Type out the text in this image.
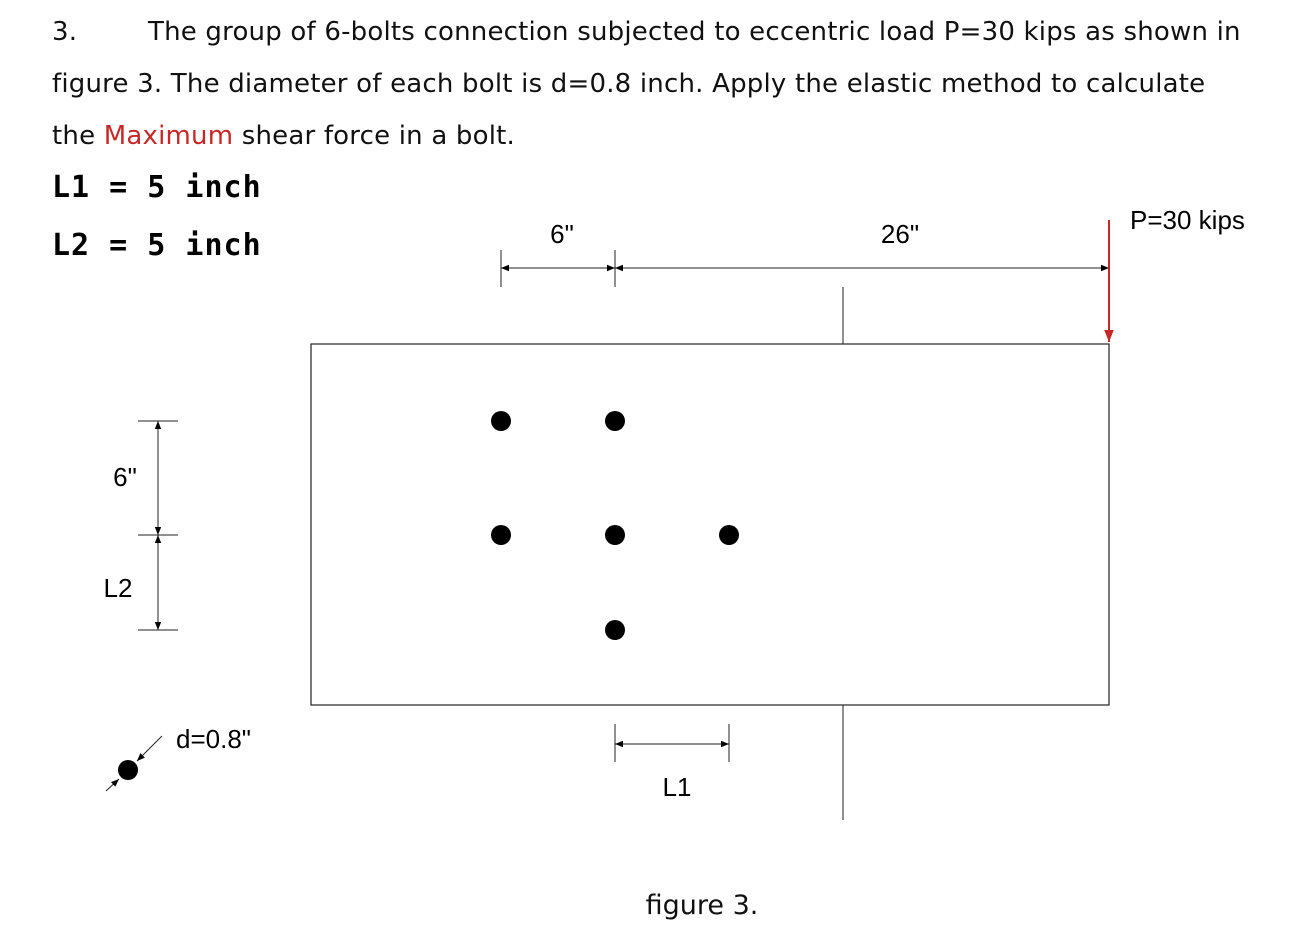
3.	The group of 6-bolts connection subjected to eccentric load P=30 kips as shown in figure 3. The diameter of each bolt is d=0.8 inch. Apply the elastic method to calculate the Maximum shear force in a bolt.
L1 = 5 inch
L2 = 5 inch	6"	26"	P=30 kips
6"
L2
L1
d=0.8"
figure 3.
